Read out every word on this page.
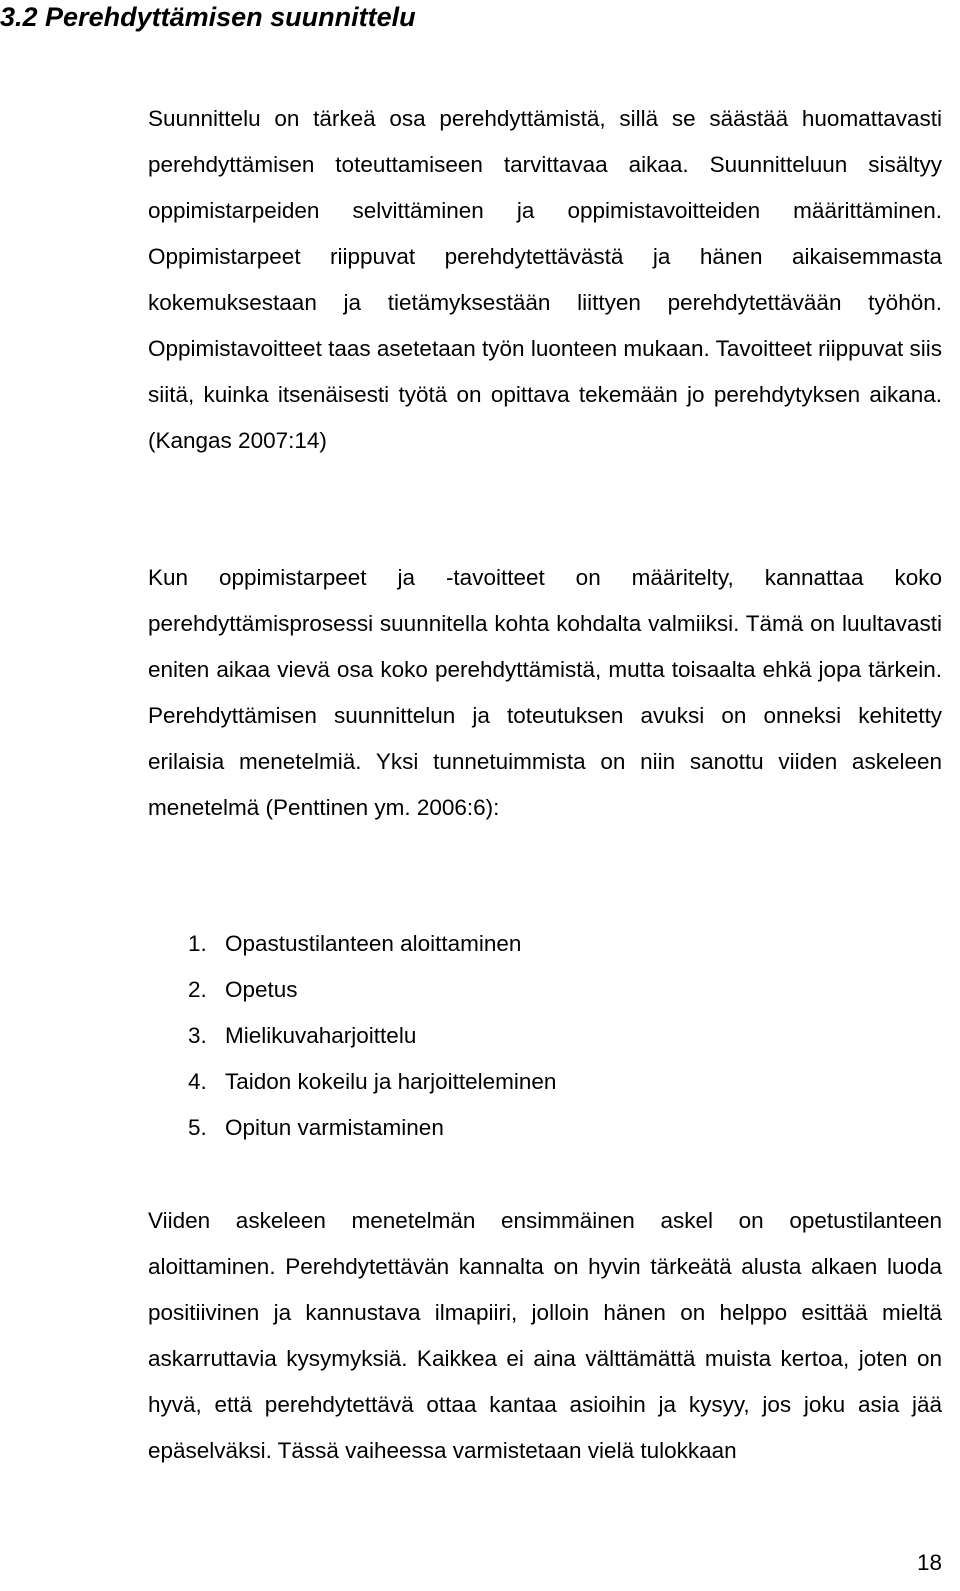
3.2 Perehdyttämisen suunnittelu

Suunnittelu on tärkeä osa perehdyttämistä, sillä se säästää huomattavasti perehdyttämisen toteuttamiseen tarvittavaa aikaa. Suunnitteluun sisältyy oppimistarpeiden selvittäminen ja oppimistavoitteiden määrittäminen. Oppimistarpeet riippuvat perehdytettävästä ja hänen aikaisemmasta kokemuksestaan ja tietämyksestään liittyen perehdytettävään työhön. Oppimistavoitteet taas asetetaan työn luonteen mukaan. Tavoitteet riippuvat siis siitä, kuinka itsenäisesti työtä on opittava tekemään jo perehdytyksen aikana. (Kangas 2007:14)

Kun oppimistarpeet ja -tavoitteet on määritelty, kannattaa koko perehdyttämisprosessi suunnitella kohta kohdalta valmiiksi. Tämä on luultavasti eniten aikaa vievä osa koko perehdyttämistä, mutta toisaalta ehkä jopa tärkein. Perehdyttämisen suunnittelun ja toteutuksen avuksi on onneksi kehitetty erilaisia menetelmiä. Yksi tunnetuimmista on niin sanottu viiden askeleen menetelmä (Penttinen ym. 2006:6):

1. Opastustilanteen aloittaminen
2. Opetus
3. Mielikuvaharjoittelu
4. Taidon kokeilu ja harjoitteleminen
5. Opitun varmistaminen

Viiden askeleen menetelmän ensimmäinen askel on opetustilanteen aloittaminen. Perehdytettävän kannalta on hyvin tärkeätä alusta alkaen luoda positiivinen ja kannustava ilmapiiri, jolloin hänen on helppo esittää mieltä askarruttavia kysymyksiä. Kaikkea ei aina välttämättä muista kertoa, joten on hyvä, että perehdytettävä ottaa kantaa asioihin ja kysyy, jos joku asia jää epäselväksi. Tässä vaiheessa varmistetaan vielä tulokkaan

18
